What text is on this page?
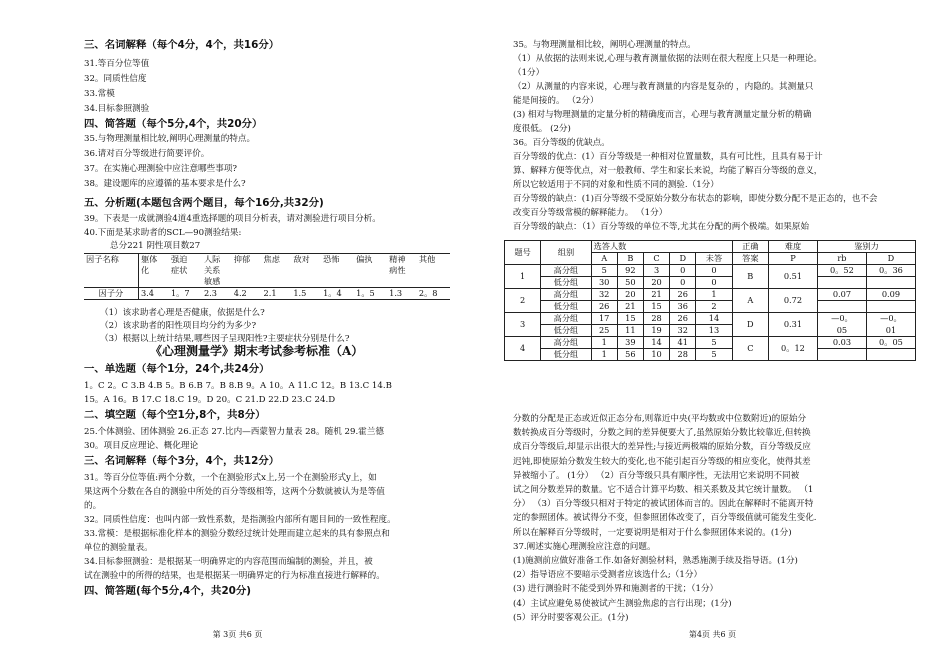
三、名词解释（每个4分，4个，共16分）
31.等百分位等值
32。同质性信度
33.常模
34.目标参照测验
四、简答题（每个5分,4个，共20分）
35.与物理测量相比较,阐明心理测量的特点。
36.请对百分等级进行简要评价。
37。在实施心理测验中应注意哪些事项?
38。建设题库的应遵循的基本要求是什么?
五、分析题(本题包含两个题目，每个16分,共32分)
39。下表是一成就测验4道4重选择题的项目分析表，请对测验进行项目分析。
40.下面是某求助者的SCL—90测验结果:
总分221 阴性项目数27
因子名称	躯体	强迫	人际	抑郁	焦虑	敌对	恐怖	偏执	精神	其他
	化	症状	关系						病性	
			敏感							
因子分	3.4	1。7	2.3	4.2	2.1	1.5	1。4	1。5	1.3	2。8
（1）该求助者心理是否健康，依据是什么?
（2）该求助者的阳性项目均分约为多少?
（3）根据以上统计结果,哪些因子呈现阳性?主要症状分别是什么?
《心理测量学》期末考试参考标准（A）
一、单选题（每个1分，24个,共24分）
1。C 2。C 3.B 4.B 5。B 6.B 7。B 8.B 9。A 10。A 11.C 12。B 13.C 14.B
15。A 16。B 17.C 18.C 19。D 20。C 21.D 22.D 23.C 24.D
二、填空题（每个空1分,8个，共8分）
25.个体测验、团体测验 26.正态 27.比内—西蒙智力量表 28。随机 29.霍兰德
30。项目反应理论、概化理论
三、名词解释（每个3分，4个，共12分）
31。等百分位等值:两个分数，一个在测验形式x上,另一个在测验形式y上，如
果这两个分数在各自的测验中所处的百分等级相等，这两个分数就被认为是等值
的。
32。同质性信度：也叫内部一致性系数，是指测验内部所有题目间的一致性程度。
33.常模：是根据标准化样本的测验分数经过统计处理而建立起来的具有参照点和
单位的测验量表。
34.目标参照测验：是根据某一明确界定的内容范围而编制的测验，并且，被
试在测验中的所得的结果，也是根据某一明确界定的行为标准直接进行解释的。
四、简答题(每个5分,4个，共20分)
第 3页 共6 页
35。与物理测量相比较，阐明心理测量的特点。
（1）从依据的法则来说,心理与教育测量依据的法则在很大程度上只是一种理论。
（1分）
（2）从测量的内容来说，心理与教育测量的内容是复杂的 ，内隐的。其测量只
能是间接的。 （2分）
(3) 相对与物理测量的定量分析的精确度而言，心理与教育测量定量分析的精确
度很低。 (2分)
36。百分等级的优缺点。
百分等级的优点：(1）百分等级是一种相对位置量数，具有可比性，且具有易于计
算、解释方便等优点，对一般教师、学生和家长来说，均能了解百分等级的意义，
所以它较适用于不同的对象和性质不同的测验.（1分）
百分等级的缺点：(1)百分等级不受原始分数分布状态的影响，即使分数分配不是正态的，也不会
改变百分等级常模的解释能力。 （1分）
百分等级的缺点：（1）百分等级的单位不等,尤其在分配的两个极端。如果原始
题号	组别	选答人数					正确	难度	鉴别力	
		A	B	C	D	未答	答案	P	rb	D
1	高分组	5	92	3	0	0	B	0.51	0。52	0。36
	低分组	30	50	20	0	0				
2	高分组	32	20	21	26	1	A	0.72	0.07	0.09
	低分组	26	21	15	36	2				
3	高分组	17	15	28	26	14	D	0.31	—0。	—0。
	低分组	25	11	19	32	13			05	01
4	高分组	1	39	14	41	5	C	0。12	0.03	0。05
	低分组	1	56	10	28	5				
分数的分配是正态或近似正态分布,则靠近中央(平均数或中位数附近)的原始分
数转换成百分等级时，分数之间的差异便要大了,虽然原始分数比较靠近,但转换
成百分等级后,却显示出很大的差异性;与接近两极端的原始分数，百分等级反应
迟钝,即使原始分数发生较大的变化,也不能引起百分等级的相应变化，使得其差
异被缩小了。 (1分） （2）百分等级只具有顺序性，无法用它来说明不同被
试之间分数差异的数量。它不适合计算平均数、相关系数及其它统计量数。 （1
分） （3）百分等级只相对于特定的被试团体而言的。因此在解释时不能离开特
定的参照团体。被试得分不变，但参照团体改变了，百分等级值就可能发生变化.
所以在解释百分等级时，一定要说明是相对于什么参照团体来说的。(1分)
37.阐述实施心理测验应注意的问题。
(1)施测前应做好准备工作.如备好测验材料，熟悉施测手续及指导语。(1分)
(2）指导语应不要暗示受测者应该选什么;（1分）
(3) 进行测验时不能受到外界和施测者的干扰；（1分）
(4）主试应避免易使被试产生测验焦虑的言行出现；(1分)
(5）评分时要客观公正。(1分)
第4页 共6 页
